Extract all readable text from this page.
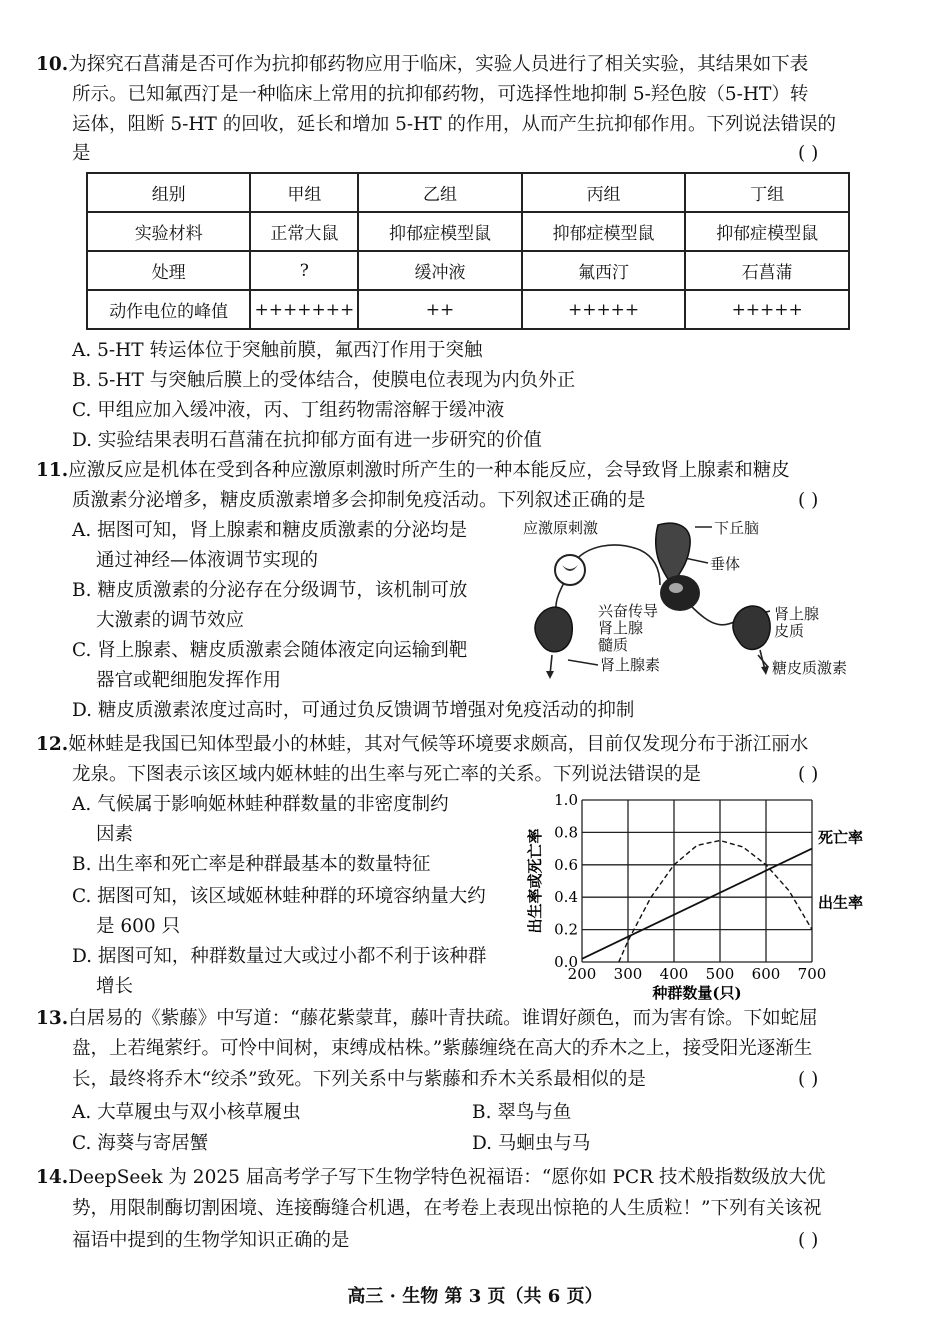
10.为探究石菖蒲是否可作为抗抑郁药物应用于临床，实验人员进行了相关实验，其结果如下表
所示。已知氟西汀是一种临床上常用的抗抑郁药物，可选择性地抑制 5-羟色胺（5-HT）转
运体，阻断 5-HT 的回收，延长和增加 5-HT 的作用，从而产生抗抑郁作用。下列说法错误的
是	( )
组别	甲组	乙组	丙组	丁组
实验材料	正常大鼠	抑郁症模型鼠	抑郁症模型鼠	抑郁症模型鼠
处理	?	缓冲液	氟西汀	石菖蒲
动作电位的峰值	+++++++	++	+++++	+++++
A. 5-HT 转运体位于突触前膜，氟西汀作用于突触
B. 5-HT 与突触后膜上的受体结合，使膜电位表现为内负外正
C. 甲组应加入缓冲液，丙、丁组药物需溶解于缓冲液
D. 实验结果表明石菖蒲在抗抑郁方面有进一步研究的价值
11.应激反应是机体在受到各种应激原刺激时所产生的一种本能反应，会导致肾上腺素和糖皮
质激素分泌增多，糖皮质激素增多会抑制免疫活动。下列叙述正确的是	( )
A. 据图可知，肾上腺素和糖皮质激素的分泌均是
通过神经—体液调节实现的
B. 糖皮质激素的分泌存在分级调节，该机制可放
大激素的调节效应
C. 肾上腺素、糖皮质激素会随体液定向运输到靶
器官或靶细胞发挥作用
D. 糖皮质激素浓度过高时，可通过负反馈调节增强对免疫活动的抑制
应激原刺激	下丘脑
垂体
兴奋传导
肾上腺
髓质
肾上腺素
肾上腺
皮质
糖皮质激素
12.姬林蛙是我国已知体型最小的林蛙，其对气候等环境要求颇高，目前仅发现分布于浙江丽水
龙泉。下图表示该区域内姬林蛙的出生率与死亡率的关系。下列说法错误的是	( )
A. 气候属于影响姬林蛙种群数量的非密度制约
因素
B. 出生率和死亡率是种群最基本的数量特征
C. 据图可知，该区域姬林蛙种群的环境容纳量大约
是 600 只
D. 据图可知，种群数量过大或过小都不利于该种群
增长
200 300 400 500 600 700
0.0
0.2
0.4
0.6
0.8
1.0
种群数量(只)
出生率或死亡率	死亡率
出生率
13.白居易的《紫藤》中写道：“藤花紫蒙茸，藤叶青扶疏。谁谓好颜色，而为害有馀。下如蛇屈
盘，上若绳萦纡。可怜中间树，束缚成枯株。”紫藤缠绕在高大的乔木之上，接受阳光逐渐生
长，最终将乔木“绞杀”致死。下列关系中与紫藤和乔木关系最相似的是	( )
A. 大草履虫与双小核草履虫	B. 翠鸟与鱼
C. 海葵与寄居蟹	D. 马蛔虫与马
14.DeepSeek 为 2025 届高考学子写下生物学特色祝福语：“愿你如 PCR 技术般指数级放大优
势，用限制酶切割困境、连接酶缝合机遇，在考卷上表现出惊艳的人生质粒！”下列有关该祝
福语中提到的生物学知识正确的是	( )
高三 · 生物 第 3 页（共 6 页）
